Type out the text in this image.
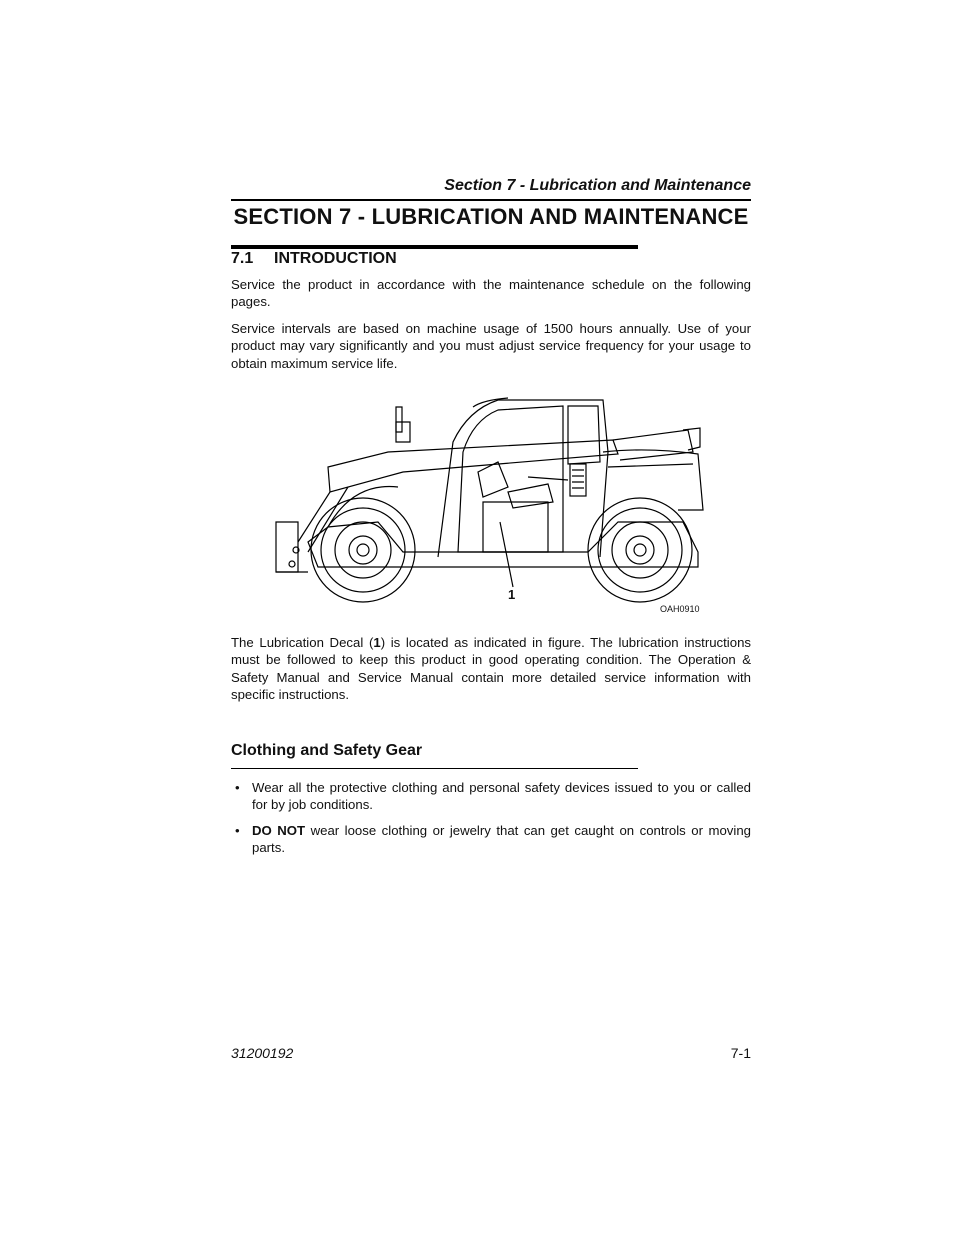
Section 7 - Lubrication and Maintenance
SECTION 7 - LUBRICATION AND MAINTENANCE
7.1 INTRODUCTION
Service the product in accordance with the maintenance schedule on the following pages.
Service intervals are based on machine usage of 1500 hours annually. Use of your product may vary significantly and you must adjust service frequency for your usage to obtain maximum service life.
1
OAH0910
The Lubrication Decal (1) is located as indicated in figure. The lubrication instructions must be followed to keep this product in good operating condition. The Operation & Safety Manual and Service Manual contain more detailed service information with specific instructions.
Clothing and Safety Gear
• Wear all the protective clothing and personal safety devices issued to you or called for by job conditions.
• DO NOT wear loose clothing or jewelry that can get caught on controls or moving parts.
31200192	7-1
